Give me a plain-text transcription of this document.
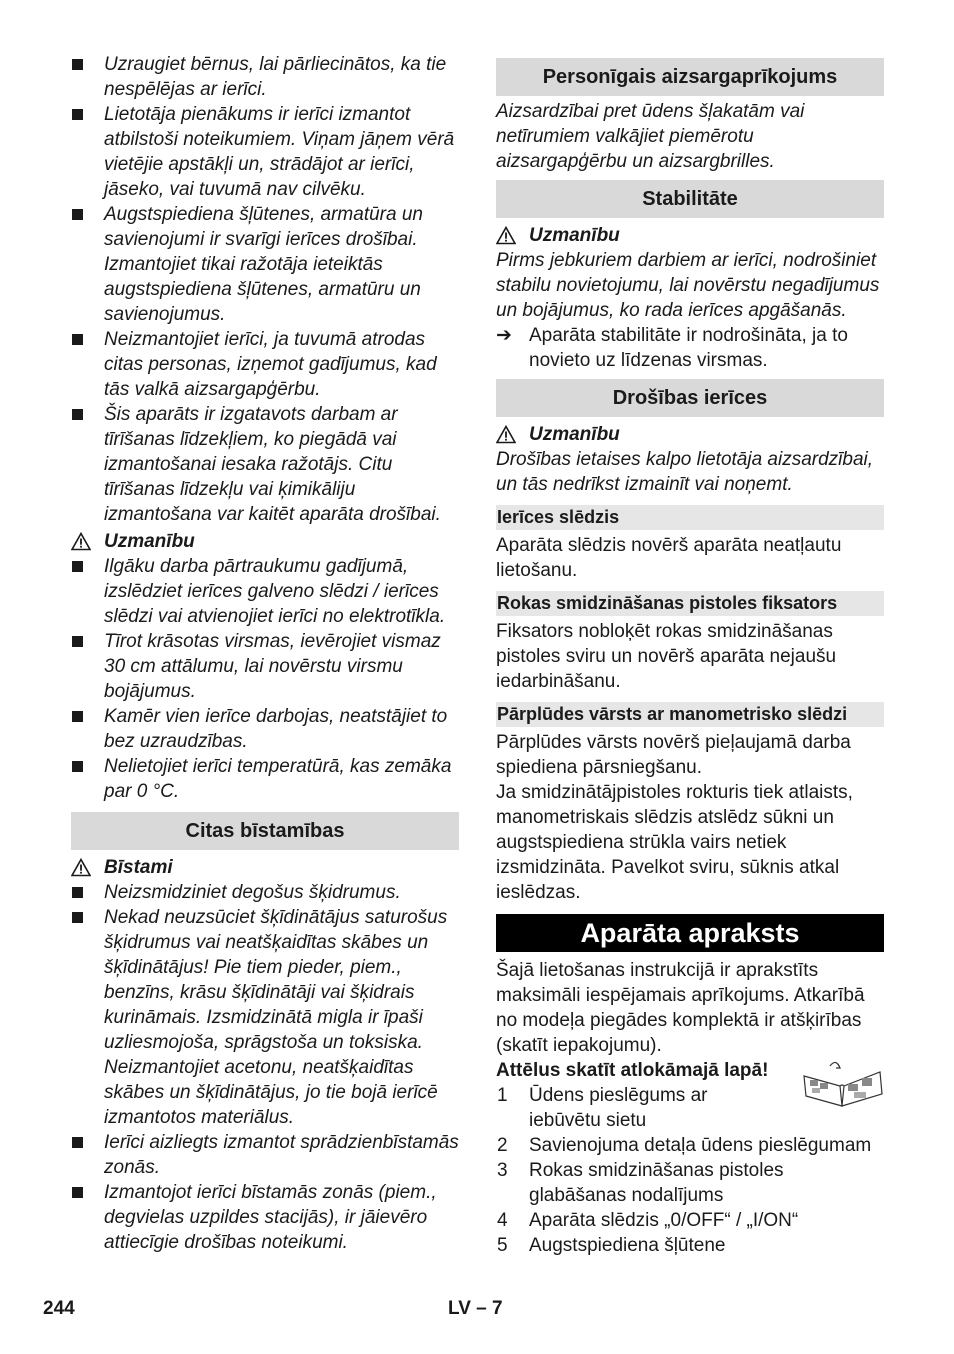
Uzraugiet bērnus, lai pārliecinātos, ka tie nespēlējas ar ierīci.
Lietotāja pienākums ir ierīci izmantot atbilstoši noteikumiem. Viņam jāņem vērā vietējie apstākļi un, strādājot ar ierīci, jāseko, vai tuvumā nav cilvēku.
Augstspiediena šļūtenes, armatūra un savienojumi ir svarīgi ierīces drošībai. Izmantojiet tikai ražotāja ieteiktās augstspiediena šļūtenes, armatūru un savienojumus.
Neizmantojiet ierīci, ja tuvumā atrodas citas personas, izņemot gadījumus, kad tās valkā aizsargapģērbu.
Šis aparāts ir izgatavots darbam ar tīrīšanas līdzekļiem, ko piegādā vai izmantošanai iesaka ražotājs. Citu tīrīšanas līdzekļu vai ķimikāliju izmantošana var kaitēt aparāta drošībai.
Uzmanību
Ilgāku darba pārtraukumu gadījumā, izslēdziet ierīces galveno slēdzi / ierīces slēdzi vai atvienojiet ierīci no elektrotīkla.
Tīrot krāsotas virsmas, ievērojiet vismaz 30 cm attālumu, lai novērstu virsmu bojājumus.
Kamēr vien ierīce darbojas, neatstājiet to bez uzraudzības.
Nelietojiet ierīci temperatūrā, kas zemāka par 0 °C.
Citas bīstamības
Bīstami
Neizsmidziniet degošus šķidrumus.
Nekad neuzsūciet šķīdinātājus saturošus šķidrumus vai neatšķaidītas skābes un šķīdinātājus! Pie tiem pieder, piem., benzīns, krāsu šķīdinātāji vai šķidrais kurināmais. Izsmidzinātā migla ir īpaši uzliesmojoša, sprāgstoša un toksiska. Neizmantojiet acetonu, neatšķaidītas skābes un šķīdinātājus, jo tie bojā ierīcē izmantotos materiālus.
Ierīci aizliegts izmantot sprādzienbīstamās zonās.
Izmantojot ierīci bīstamās zonās (piem., degvielas uzpildes stacijās), ir jāievēro attiecīgie drošības noteikumi.
Personīgais aizsargaprīkojums

Aizsardzībai pret ūdens šļakatām vai netīrumiem valkājiet piemērotu aizsargapģērbu un aizsargbrilles.

Stabilitāte
Uzmanību

Pirms jebkuriem darbiem ar ierīci, nodrošiniet stabilu novietojumu, lai novērstu negadījumus un bojājumus, ko rada ierīces apgāšanās.

➔ Aparāta stabilitāte ir nodrošināta, ja to novieto uz līdzenas virsmas.
Drošības ierīces
Uzmanību

Drošības ietaises kalpo lietotāja aizsardzībai, un tās nedrīkst izmainīt vai noņemt.

Ierīces slēdzis

Aparāta slēdzis novērš aparāta neatļautu lietošanu.

Rokas smidzināšanas pistoles fiksators

Fiksators nobloķēt rokas smidzināšanas pistoles sviru un novērš aparāta nejaušu iedarbināšanu.

Pārplūdes vārsts ar manometrisko slēdzi

Pārplūdes vārsts novērš pieļaujamā darba spiediena pārsniegšanu.

Ja smidzinātājpistoles rokturis tiek atlaists, manometriskais slēdzis atslēdz sūkni un augstspiediena strūkla vairs netiek izsmidzināta. Pavelkot sviru, sūknis atkal ieslēdzas.

Aparāta apraksts

Šajā lietošanas instrukcijā ir aprakstīts maksimāli iespējamais aprīkojums. Atkarībā no modeļa piegādes komplektā ir atšķirības (skatīt iepakojumu).

Attēlus skatīt atlokāmajā lapā!
1 Ūdens pieslēgums ar iebūvētu sietu
2 Savienojuma detaļa ūdens pieslēgumam
3 Rokas smidzināšanas pistoles glabāšanas nodalījums
4 Aparāta slēdzis „0/OFF“ / „I/ON“
5 Augstspiediena šļūtene
244	LV – 7
